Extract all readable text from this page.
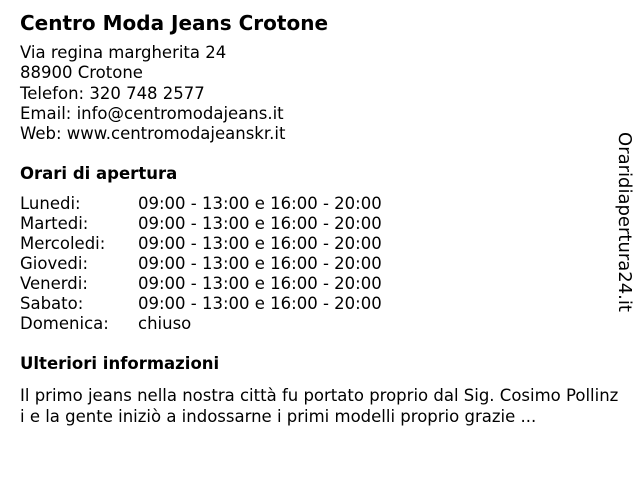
Centro Moda Jeans Crotone
Via regina margherita 24
88900 Crotone
Telefon: 320 748 2577
Email: info@centromodajeans.it
Web: www.centromodajeanskr.it
Orari di apertura
Lunedi:	09:00 - 13:00 e 16:00 - 20:00
Martedi:	09:00 - 13:00 e 16:00 - 20:00
Mercoledi: 09:00 - 13:00 e 16:00 - 20:00
Giovedi:	09:00 - 13:00 e 16:00 - 20:00
Venerdi:	09:00 - 13:00 e 16:00 - 20:00
Sabato:	09:00 - 13:00 e 16:00 - 20:00
Domenica: chiuso
Ulteriori informazioni
Il primo jeans nella nostra città fu portato proprio dal Sig. Cosimo Pollinzi e la gente iniziò a indossarne i primi modelli proprio grazie ...
Oraridiapertura24.it
